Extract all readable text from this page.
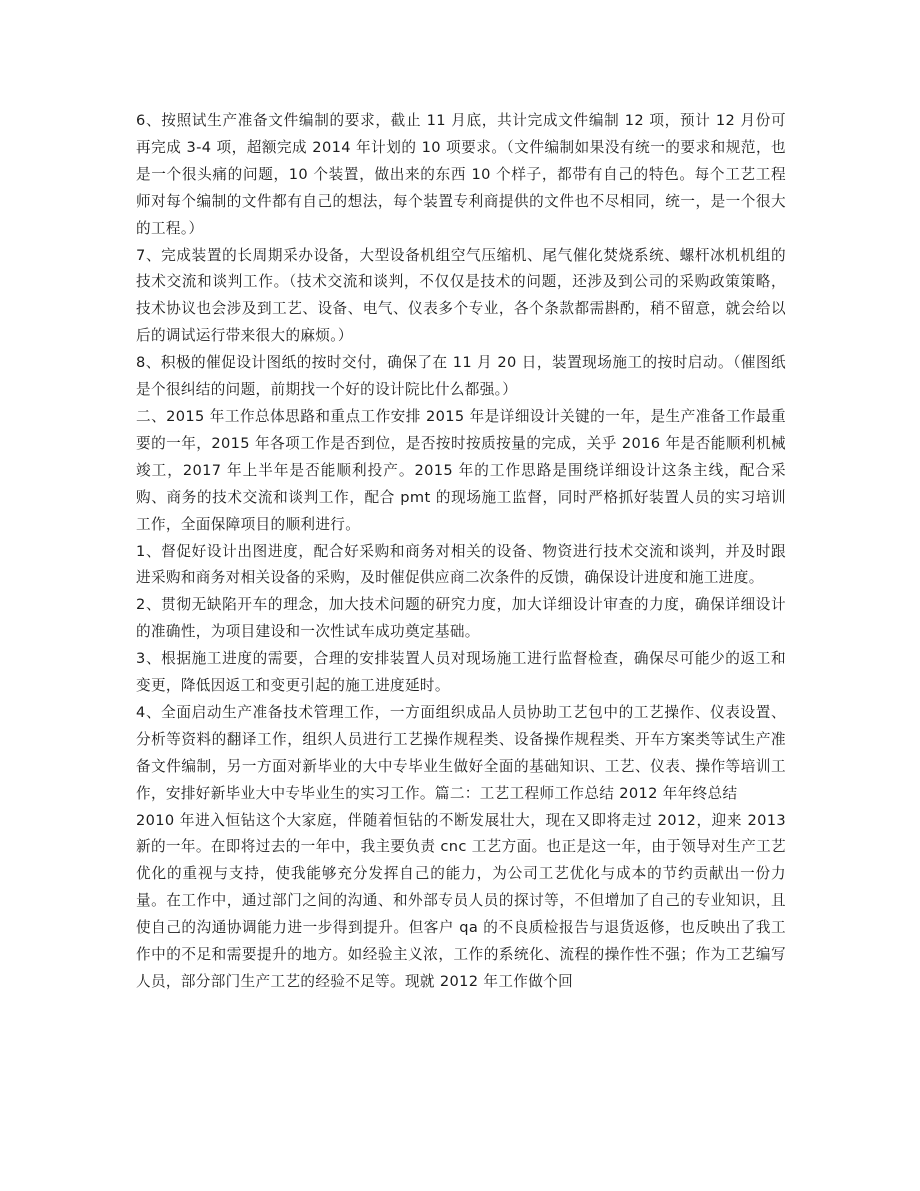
6、按照试生产准备文件编制的要求，截止 11 月底，共计完成文件编制 12 项，预计 12 月份可再完成 3-4 项，超额完成 2014 年计划的 10 项要求。（文件编制如果没有统一的要求和规范，也是一个很头痛的问题，10 个装置，做出来的东西 10 个样子，都带有自己的特色。每个工艺工程师对每个编制的文件都有自己的想法，每个装置专利商提供的文件也不尽相同，统一，是一个很大的工程。）

7、完成装置的长周期采办设备，大型设备机组空气压缩机、尾气催化焚烧系统、螺杆冰机机组的技术交流和谈判工作。（技术交流和谈判，不仅仅是技术的问题，还涉及到公司的采购政策策略，技术协议也会涉及到工艺、设备、电气、仪表多个专业，各个条款都需斟酌，稍不留意，就会给以后的调试运行带来很大的麻烦。）

8、积极的催促设计图纸的按时交付，确保了在 11 月 20 日，装置现场施工的按时启动。（催图纸是个很纠结的问题，前期找一个好的设计院比什么都强。）

二、2015 年工作总体思路和重点工作安排 2015 年是详细设计关键的一年，是生产准备工作最重要的一年，2015 年各项工作是否到位，是否按时按质按量的完成，关乎 2016 年是否能顺利机械竣工，2017 年上半年是否能顺利投产。2015 年的工作思路是围绕详细设计这条主线，配合采购、商务的技术交流和谈判工作，配合 pmt 的现场施工监督，同时严格抓好装置人员的实习培训工作，全面保障项目的顺利进行。

1、督促好设计出图进度，配合好采购和商务对相关的设备、物资进行技术交流和谈判，并及时跟进采购和商务对相关设备的采购，及时催促供应商二次条件的反馈，确保设计进度和施工进度。

2、贯彻无缺陷开车的理念，加大技术问题的研究力度，加大详细设计审查的力度，确保详细设计的准确性，为项目建设和一次性试车成功奠定基础。

3、根据施工进度的需要，合理的安排装置人员对现场施工进行监督检查，确保尽可能少的返工和变更，降低因返工和变更引起的施工进度延时。

4、全面启动生产准备技术管理工作，一方面组织成品人员协助工艺包中的工艺操作、仪表设置、分析等资料的翻译工作，组织人员进行工艺操作规程类、设备操作规程类、开车方案类等试生产准备文件编制，另一方面对新毕业的大中专毕业生做好全面的基础知识、工艺、仪表、操作等培训工作，安排好新毕业大中专毕业生的实习工作。篇二：工艺工程师工作总结 2012 年年终总结

2010 年进入恒钻这个大家庭，伴随着恒钻的不断发展壮大，现在又即将走过 2012，迎来 2013 新的一年。在即将过去的一年中，我主要负责 cnc 工艺方面。也正是这一年，由于领导对生产工艺优化的重视与支持，使我能够充分发挥自己的能力，为公司工艺优化与成本的节约贡献出一份力量。在工作中，通过部门之间的沟通、和外部专员人员的探讨等，不但增加了自己的专业知识，且使自己的沟通协调能力进一步得到提升。但客户 qa 的不良质检报告与退货返修，也反映出了我工作中的不足和需要提升的地方。如经验主义浓，工作的系统化、流程的操作性不强；作为工艺编写人员，部分部门生产工艺的经验不足等。现就 2012 年工作做个回
